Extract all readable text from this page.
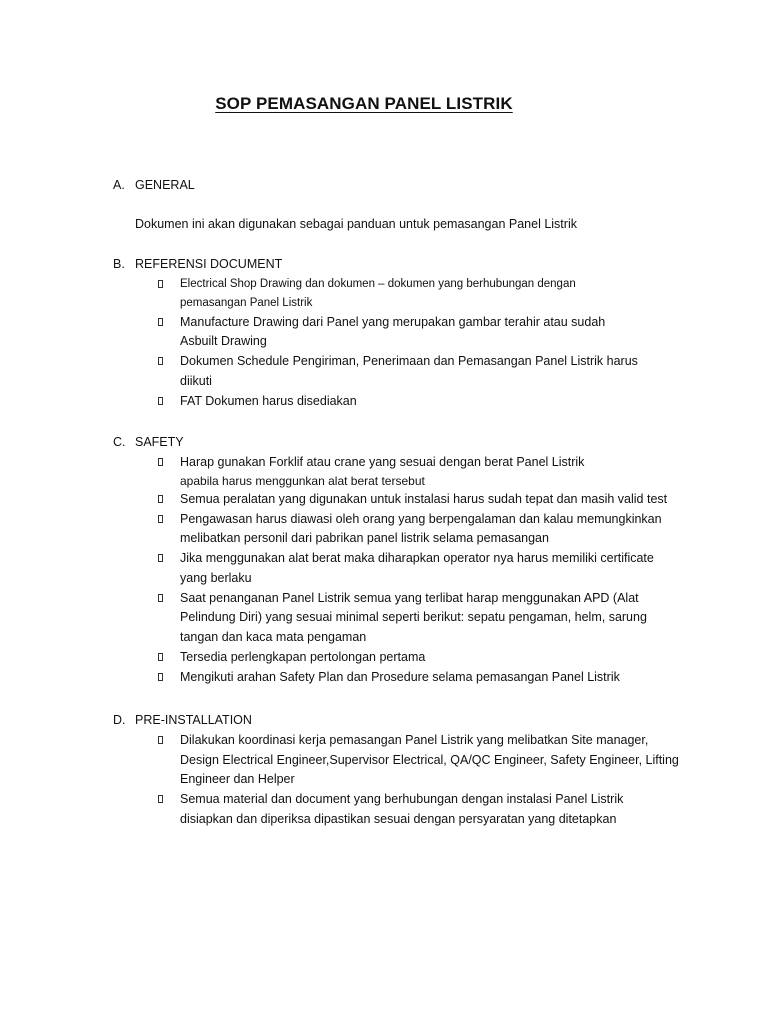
SOP PEMASANGAN PANEL LISTRIK
A. GENERAL
Dokumen ini akan digunakan sebagai panduan untuk pemasangan Panel Listrik
B. REFERENSI DOCUMENT
Electrical Shop Drawing dan dokumen – dokumen yang berhubungan dengan
pemasangan Panel Listrik
Manufacture Drawing dari Panel yang merupakan gambar terahir atau sudah
Asbuilt Drawing
Dokumen Schedule Pengiriman, Penerimaan dan Pemasangan Panel Listrik harus
diikuti
FAT Dokumen harus disediakan
C. SAFETY
Harap gunakan Forklif atau crane yang sesuai dengan berat Panel Listrik
apabila harus menggunkan alat berat tersebut
Semua peralatan yang digunakan untuk instalasi harus sudah tepat dan masih valid test
Pengawasan harus diawasi oleh orang yang berpengalaman dan kalau memungkinkan
melibatkan personil dari pabrikan panel listrik selama pemasangan
Jika menggunakan alat berat maka diharapkan operator nya harus memiliki certificate
yang berlaku
Saat penanganan Panel Listrik semua yang terlibat harap menggunakan APD (Alat
Pelindung Diri) yang sesuai minimal seperti berikut: sepatu pengaman, helm, sarung
tangan dan kaca mata pengaman
Tersedia perlengkapan pertolongan pertama
Mengikuti arahan Safety Plan dan Prosedure selama pemasangan Panel Listrik
D. PRE-INSTALLATION
Dilakukan koordinasi kerja pemasangan Panel Listrik yang melibatkan Site manager,
Design Electrical Engineer,Supervisor Electrical, QA/QC Engineer, Safety Engineer, Lifting
Engineer dan Helper
Semua material dan document yang berhubungan dengan instalasi Panel Listrik
disiapkan dan diperiksa dipastikan sesuai dengan persyaratan yang ditetapkan
